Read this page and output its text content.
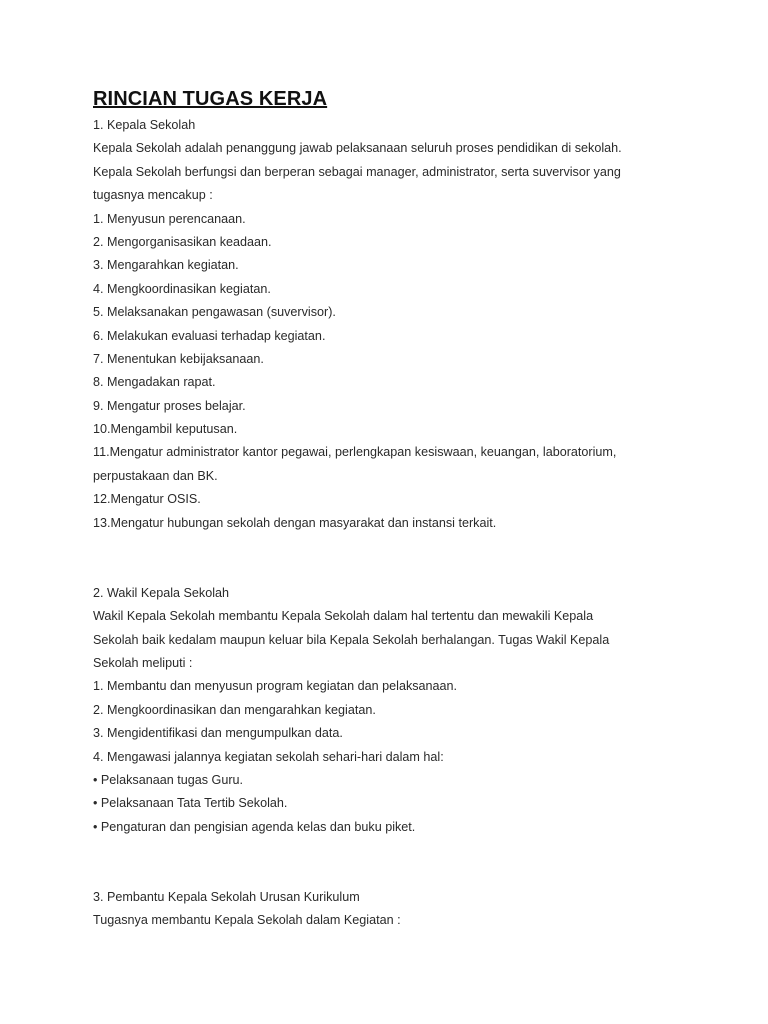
RINCIAN TUGAS KERJA
1. Kepala Sekolah
Kepala Sekolah adalah penanggung jawab pelaksanaan seluruh proses pendidikan di sekolah.
Kepala Sekolah berfungsi dan berperan sebagai manager, administrator, serta suvervisor yang
tugasnya mencakup :
1. Menyusun perencanaan.
2. Mengorganisasikan keadaan.
3. Mengarahkan kegiatan.
4. Mengkoordinasikan kegiatan.
5. Melaksanakan pengawasan (suvervisor).
6. Melakukan evaluasi terhadap kegiatan.
7. Menentukan kebijaksanaan.
8. Mengadakan rapat.
9. Mengatur proses belajar.
10.Mengambil keputusan.
11.Mengatur administrator kantor pegawai, perlengkapan kesiswaan, keuangan, laboratorium,
perpustakaan dan BK.
12.Mengatur OSIS.
13.Mengatur hubungan sekolah dengan masyarakat dan instansi terkait.
2. Wakil Kepala Sekolah
Wakil Kepala Sekolah membantu Kepala Sekolah dalam hal tertentu dan mewakili Kepala
Sekolah baik kedalam maupun keluar bila Kepala Sekolah berhalangan. Tugas Wakil Kepala
Sekolah meliputi :
1. Membantu dan menyusun program kegiatan dan pelaksanaan.
2. Mengkoordinasikan dan mengarahkan kegiatan.
3. Mengidentifikasi dan mengumpulkan data.
4. Mengawasi jalannya kegiatan sekolah sehari-hari dalam hal:
• Pelaksanaan tugas Guru.
• Pelaksanaan Tata Tertib Sekolah.
• Pengaturan dan pengisian agenda kelas dan buku piket.
3. Pembantu Kepala Sekolah Urusan Kurikulum
Tugasnya membantu Kepala Sekolah dalam Kegiatan :
